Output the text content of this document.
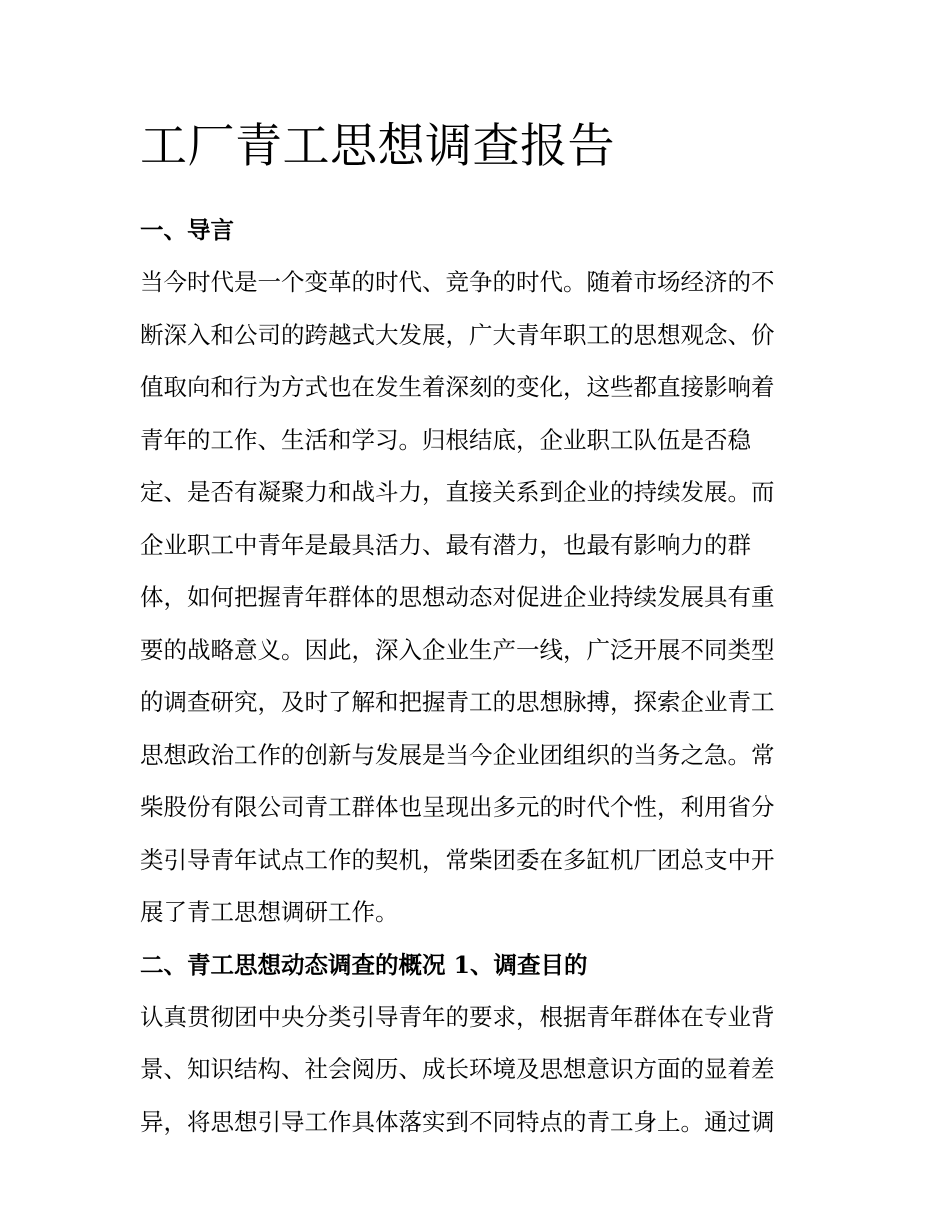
工厂青工思想调查报告
一、导言

当今时代是一个变革的时代、竞争的时代。随着市场经济的不
断深入和公司的跨越式大发展，广大青年职工的思想观念、价
值取向和行为方式也在发生着深刻的变化，这些都直接影响着
青年的工作、生活和学习。归根结底，企业职工队伍是否稳
定、是否有凝聚力和战斗力，直接关系到企业的持续发展。而
企业职工中青年是最具活力、最有潜力，也最有影响力的群
体，如何把握青年群体的思想动态对促进企业持续发展具有重
要的战略意义。因此，深入企业生产一线，广泛开展不同类型
的调查研究，及时了解和把握青工的思想脉搏，探索企业青工
思想政治工作的创新与发展是当今企业团组织的当务之急。常
柴股份有限公司青工群体也呈现出多元的时代个性，利用省分
类引导青年试点工作的契机，常柴团委在多缸机厂团总支中开
展了青工思想调研工作。

二、青工思想动态调查的概况 1、调查目的

认真贯彻团中央分类引导青年的要求，根据青年群体在专业背
景、知识结构、社会阅历、成长环境及思想意识方面的显着差
异，将思想引导工作具体落实到不同特点的青工身上。通过调
